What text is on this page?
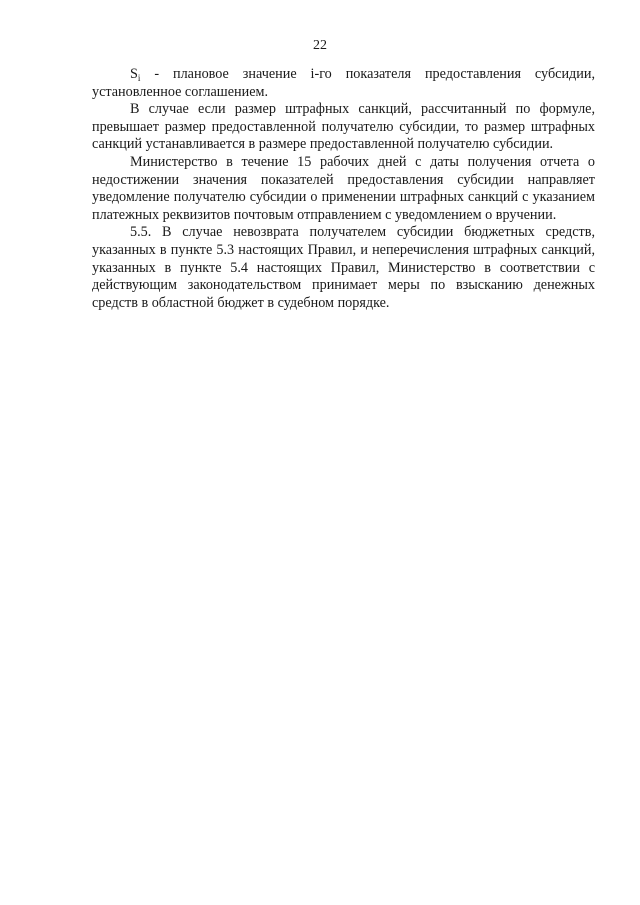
22

$S_i$ - плановое значение i-го показателя предоставления субсидии, установленное соглашением.

В случае если размер штрафных санкций, рассчитанный по формуле, превышает размер предоставленной получателю субсидии, то размер штрафных санкций устанавливается в размере предоставленной получателю субсидии.

Министерство в течение 15 рабочих дней с даты получения отчета о недостижении значения показателей предоставления субсидии направляет уведомление получателю субсидии о применении штрафных санкций с указанием платежных реквизитов почтовым отправлением с уведомлением о вручении.

5.5. В случае невозврата получателем субсидии бюджетных средств, указанных в пункте 5.3 настоящих Правил, и неперечисления штрафных санкций, указанных в пункте 5.4 настоящих Правил, Министерство в соответствии с действующим законодательством принимает меры по взысканию денежных средств в областной бюджет в судебном порядке.
